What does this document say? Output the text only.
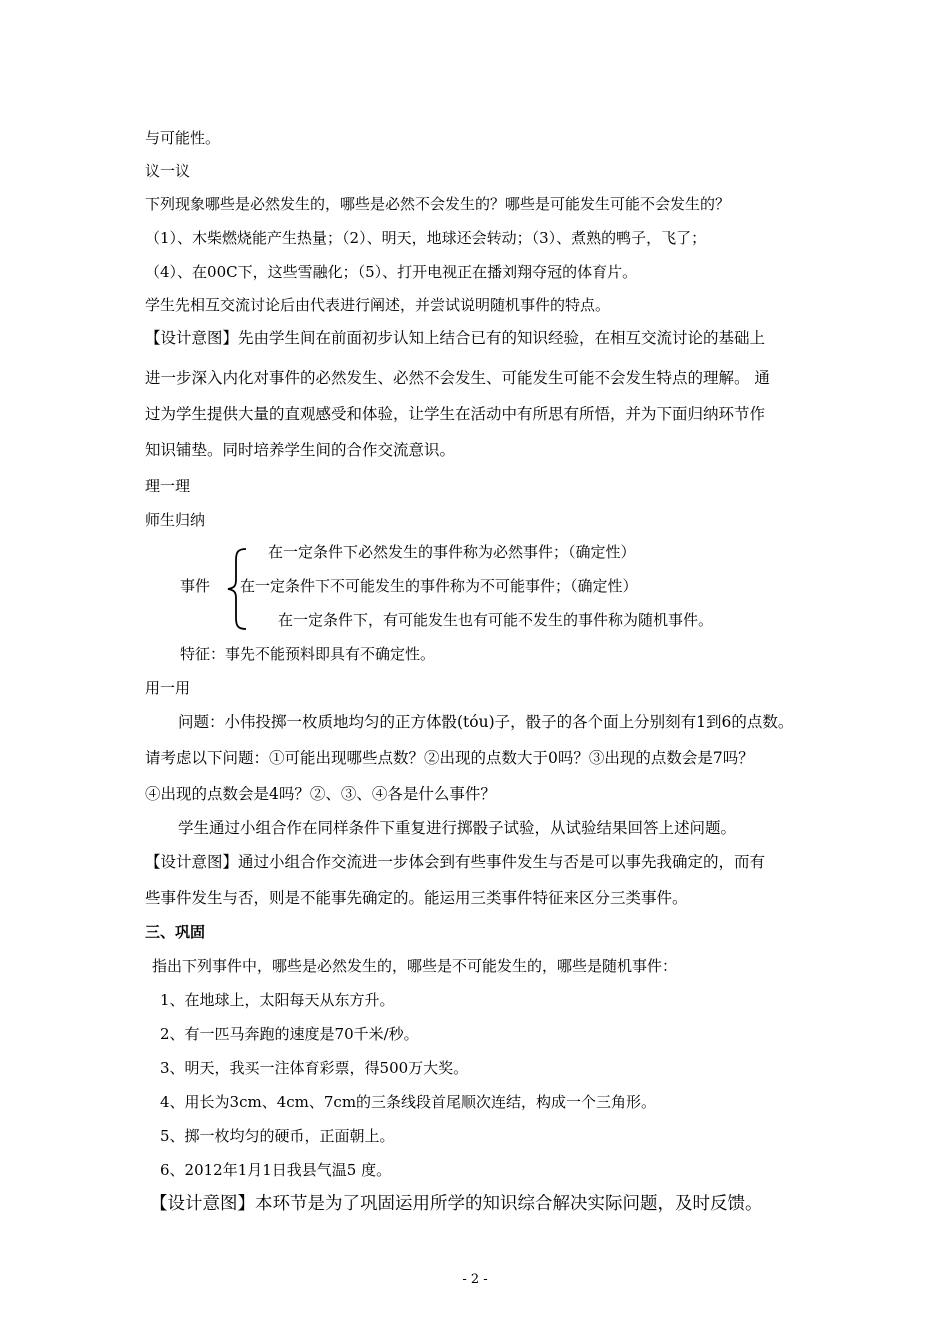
与可能性。
议一议
下列现象哪些是必然发生的，哪些是必然不会发生的？哪些是可能发生可能不会发生的？
（1）、木柴燃烧能产生热量；（2）、明天，地球还会转动；（3）、煮熟的鸭子，飞了；
（4）、在00C下，这些雪融化；（5）、打开电视正在播刘翔夺冠的体育片。
学生先相互交流讨论后由代表进行阐述，并尝试说明随机事件的特点。
【设计意图】先由学生间在前面初步认知上结合已有的知识经验，在相互交流讨论的基础上
进一步深入内化对事件的必然发生、必然不会发生、可能发生可能不会发生特点的理解。 通
过为学生提供大量的直观感受和体验，让学生在活动中有所思有所悟，并为下面归纳环节作
知识铺垫。同时培养学生间的合作交流意识。
理一理
师生归纳
在一定条件下必然发生的事件称为必然事件；（确定性）
事件 在一定条件下不可能发生的事件称为不可能事件；（确定性）
在一定条件下，有可能发生也有可能不发生的事件称为随机事件。
特征：事先不能预料即具有不确定性。
用一用
问题：小伟投掷一枚质地均匀的正方体骰(tóu)子，骰子的各个面上分别刻有1到6的点数。
请考虑以下问题：①可能出现哪些点数？②出现的点数大于0吗？③出现的点数会是7吗？
④出现的点数会是4吗？②、③、④各是什么事件？
学生通过小组合作在同样条件下重复进行掷骰子试验，从试验结果回答上述问题。
【设计意图】通过小组合作交流进一步体会到有些事件发生与否是可以事先我确定的，而有
些事件发生与否，则是不能事先确定的。能运用三类事件特征来区分三类事件。
三、巩固
指出下列事件中，哪些是必然发生的，哪些是不可能发生的，哪些是随机事件：
1、在地球上，太阳每天从东方升。
2、有一匹马奔跑的速度是70千米/秒。
3、明天，我买一注体育彩票，得500万大奖。
4、用长为3cm、4cm、7cm的三条线段首尾顺次连结，构成一个三角形。
5、掷一枚均匀的硬币，正面朝上。
6、2012年1月1日我县气温5 度。
【设计意图】本环节是为了巩固运用所学的知识综合解决实际问题，及时反馈。
- 2 -
